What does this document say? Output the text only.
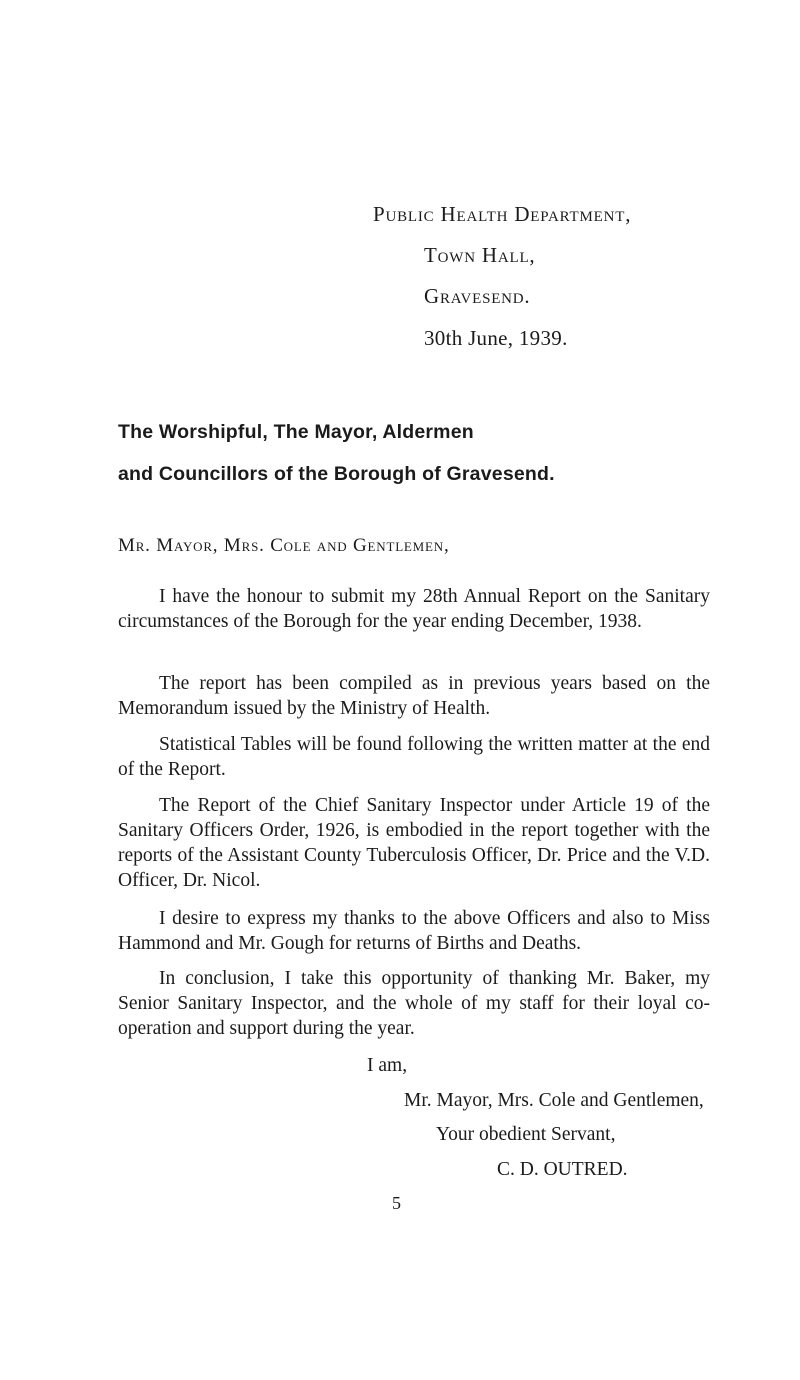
Public Health Department,
Town Hall,
Gravesend.
30th June, 1939.
The Worshipful, The Mayor, Aldermen
and Councillors of the Borough of Gravesend.
Mr. Mayor, Mrs. Cole and Gentlemen,

I have the honour to submit my 28th Annual Report on the Sanitary circumstances of the Borough for the year ending December, 1938.

The report has been compiled as in previous years based on the Memorandum issued by the Ministry of Health.

Statistical Tables will be found following the written matter at the end of the Report.

The Report of the Chief Sanitary Inspector under Article 19 of the Sanitary Officers Order, 1926, is embodied in the report together with the reports of the Assistant County Tuberculosis Officer, Dr. Price and the V.D. Officer, Dr. Nicol.

I desire to express my thanks to the above Officers and also to Miss Hammond and Mr. Gough for returns of Births and Deaths.

In conclusion, I take this opportunity of thanking Mr. Baker, my Senior Sanitary Inspector, and the whole of my staff for their loyal co-operation and support during the year.

I am,
Mr. Mayor, Mrs. Cole and Gentlemen,
Your obedient Servant,
C. D. OUTRED.
5
